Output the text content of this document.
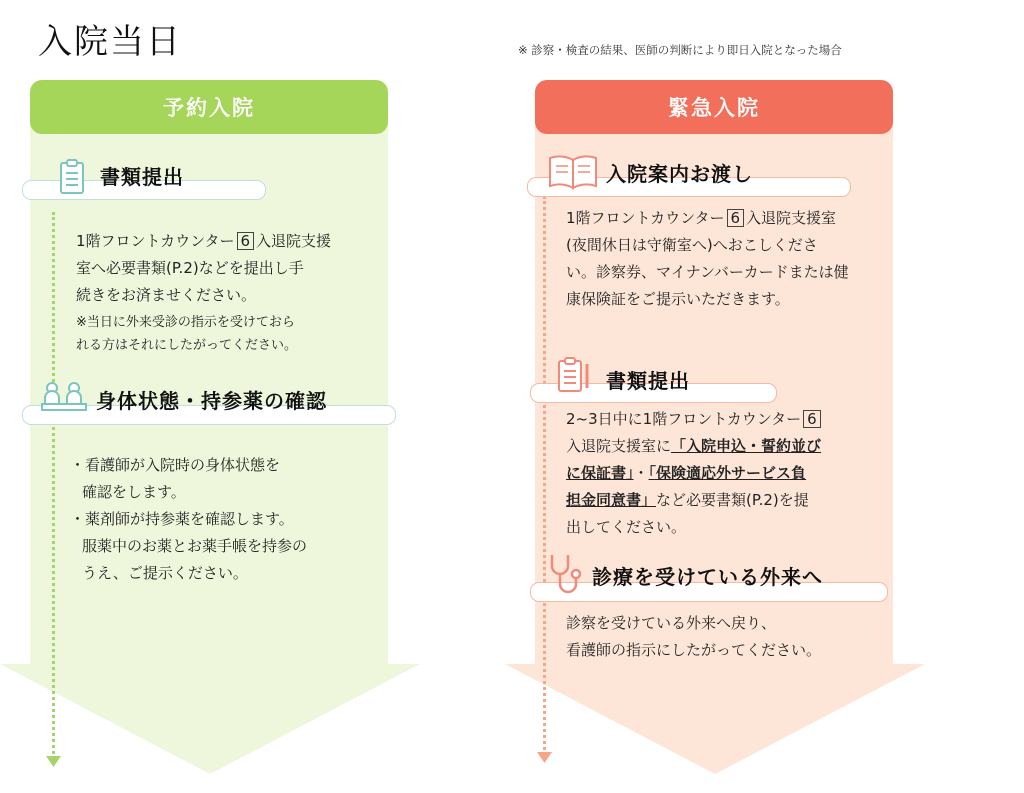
入院当日	※ 診察・検査の結果、医師の判断により即日入院となった場合
予約入院	緊急入院
書類提出
1階フロントカウンター 6 入退院支援
室へ必要書類(P.2)などを提出し手
続きをお済ませください。
※当日に外来受診の指示を受けておら
れる方はそれにしたがってください。
身体状態・持参薬の確認
・看護師が入院時の身体状態を
確認をします。
・薬剤師が持参薬を確認します。
服薬中のお薬とお薬手帳を持参の
うえ、ご提示ください。
入院案内お渡し
1階フロントカウンター 6 入退院支援室
(夜間休日は守衛室へ)へおこしくださ
い。診察券、マイナンバーカードまたは健
康保険証をご提示いただきます。
書類提出
2~3日中に1階フロントカウンター 6
入退院支援室に「入院申込・誓約並び
に保証書」・「保険適応外サービス負
担金同意書」など必要書類(P.2)を提
出してください。
診療を受けている外来へ
診察を受けている外来へ戻り、
看護師の指示にしたがってください。
